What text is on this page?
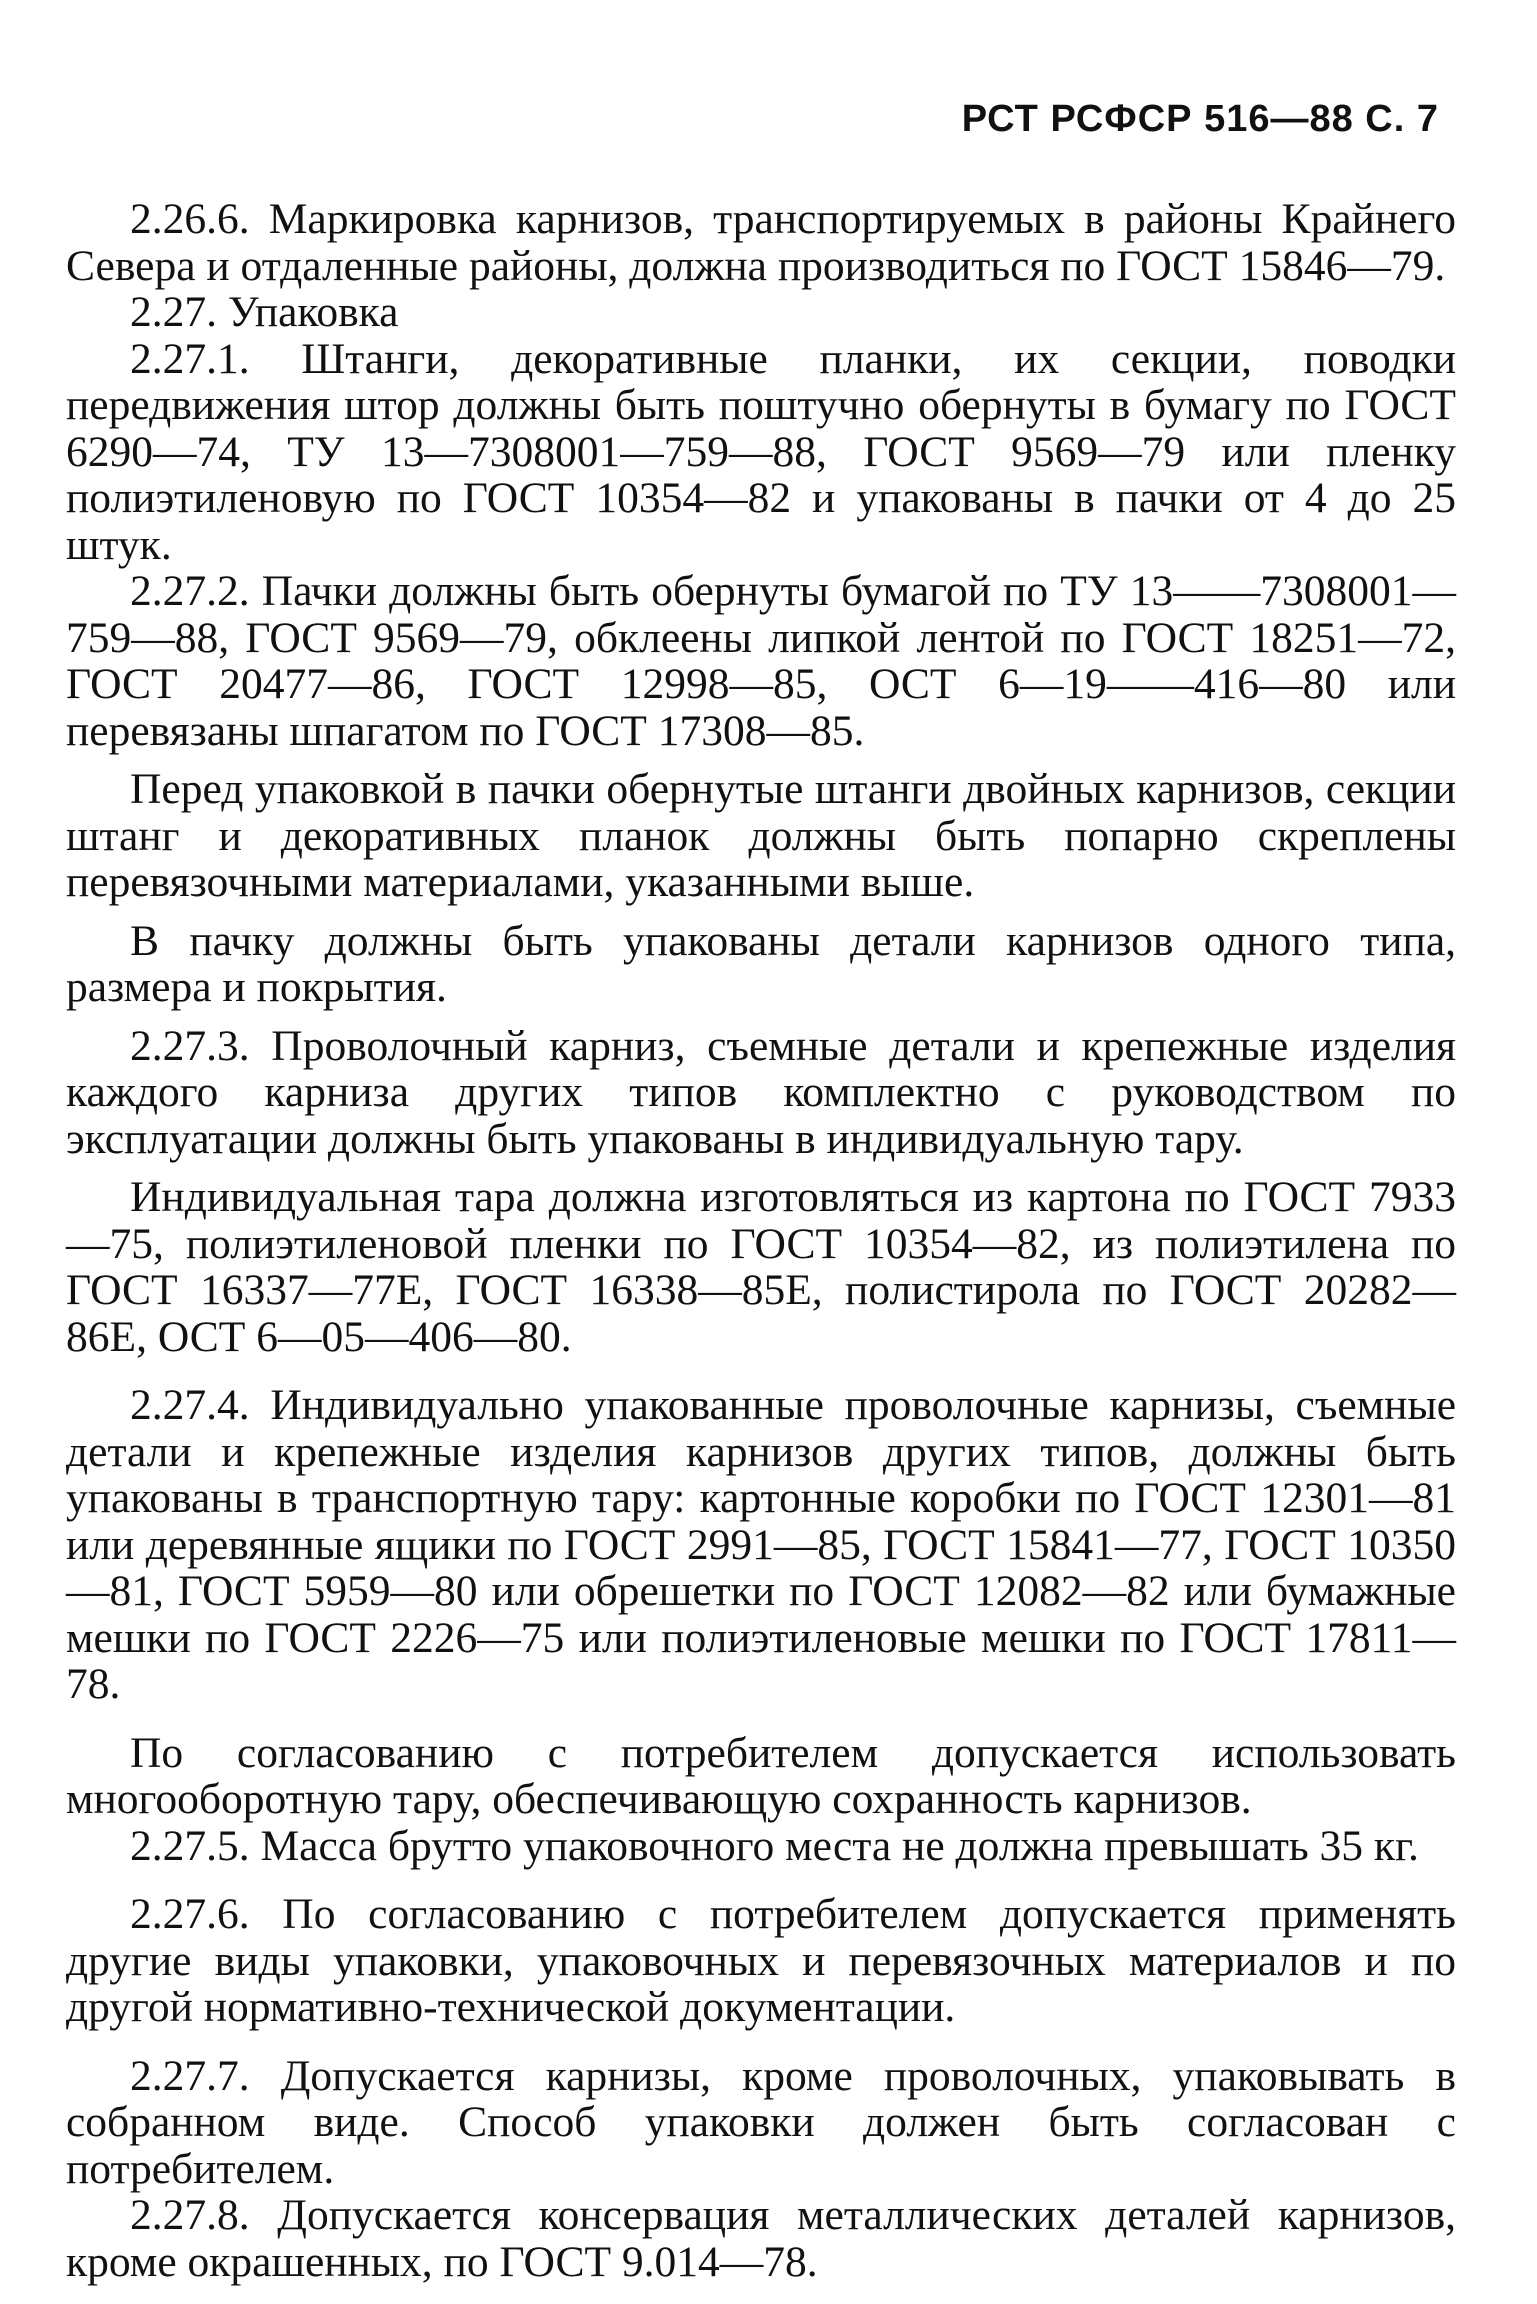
РСТ РСФСР 516—88 С. 7

2.26.6. Маркировка карнизов, транспортируемых в районы Крайнего Севера и отдаленные районы, должна производиться по ГОСТ 15846—79.

2.27. Упаковка

2.27.1. Штанги, декоративные планки, их секции, поводки передвижения штор должны быть поштучно обернуты в бумагу по ГОСТ 6290—74, ТУ 13—7308001—759—88, ГОСТ 9569—79 или пленку полиэтиленовую по ГОСТ 10354—82 и упакованы в пачки от 4 до 25 штук.

2.27.2. Пачки должны быть обернуты бумагой по ТУ 13——7308001—759—88, ГОСТ 9569—79, обклеены липкой лентой по ГОСТ 18251—72, ГОСТ 20477—86, ГОСТ 12998—85, ОСТ 6—19——416—80 или перевязаны шпагатом по ГОСТ 17308—85.

Перед упаковкой в пачки обернутые штанги двойных карнизов, секции штанг и декоративных планок должны быть попарно скреплены перевязочными материалами, указанными выше.

В пачку должны быть упакованы детали карнизов одного типа, размера и покрытия.

2.27.3. Проволочный карниз, съемные детали и крепежные изделия каждого карниза других типов комплектно с руководством по эксплуатации должны быть упакованы в индивидуальную тару.

Индивидуальная тара должна изготовляться из картона по ГОСТ 7933—75, полиэтиленовой пленки по ГОСТ 10354—82, из полиэтилена по ГОСТ 16337—77Е, ГОСТ 16338—85Е, полистирола по ГОСТ 20282—86Е, ОСТ 6—05—406—80.

2.27.4. Индивидуально упакованные проволочные карнизы, съемные детали и крепежные изделия карнизов других типов, должны быть упакованы в транспортную тару: картонные коробки по ГОСТ 12301—81 или деревянные ящики по ГОСТ 2991—85, ГОСТ 15841—77, ГОСТ 10350—81, ГОСТ 5959—80 или обрешетки по ГОСТ 12082—82 или бумажные мешки по ГОСТ 2226—75 или полиэтиленовые мешки по ГОСТ 17811—78.

По согласованию с потребителем допускается использовать многооборотную тару, обеспечивающую сохранность карнизов.

2.27.5. Масса брутто упаковочного места не должна превышать 35 кг.

2.27.6. По согласованию с потребителем допускается применять другие виды упаковки, упаковочных и перевязочных материалов и по другой нормативно-технической документации.

2.27.7. Допускается карнизы, кроме проволочных, упаковывать в собранном виде. Способ упаковки должен быть согласован с потребителем.

2.27.8. Допускается консервация металлических деталей карнизов, кроме окрашенных, по ГОСТ 9.014—78.
